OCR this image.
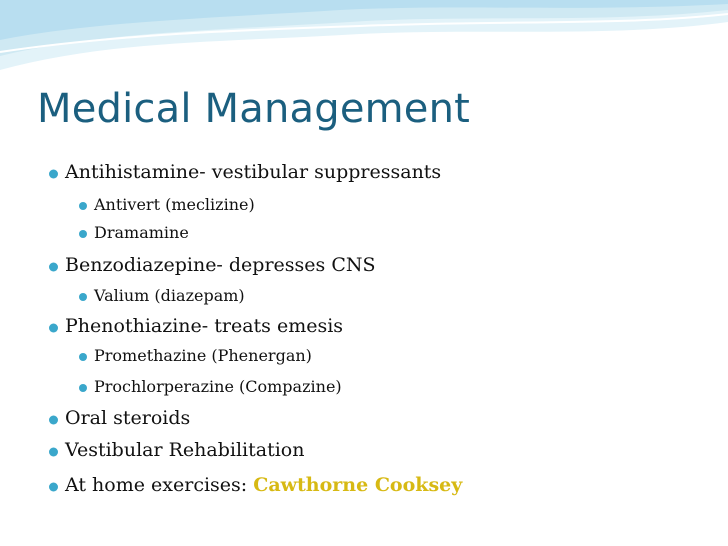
Medical Management
Antihistamine- vestibular suppressants
Antivert (meclizine)
Dramamine
Benzodiazepine- depresses CNS
Valium (diazepam)
Phenothiazine- treats emesis
Promethazine (Phenergan)
Prochlorperazine (Compazine)
Oral steroids
Vestibular Rehabilitation
At home exercises: Cawthorne Cooksey
